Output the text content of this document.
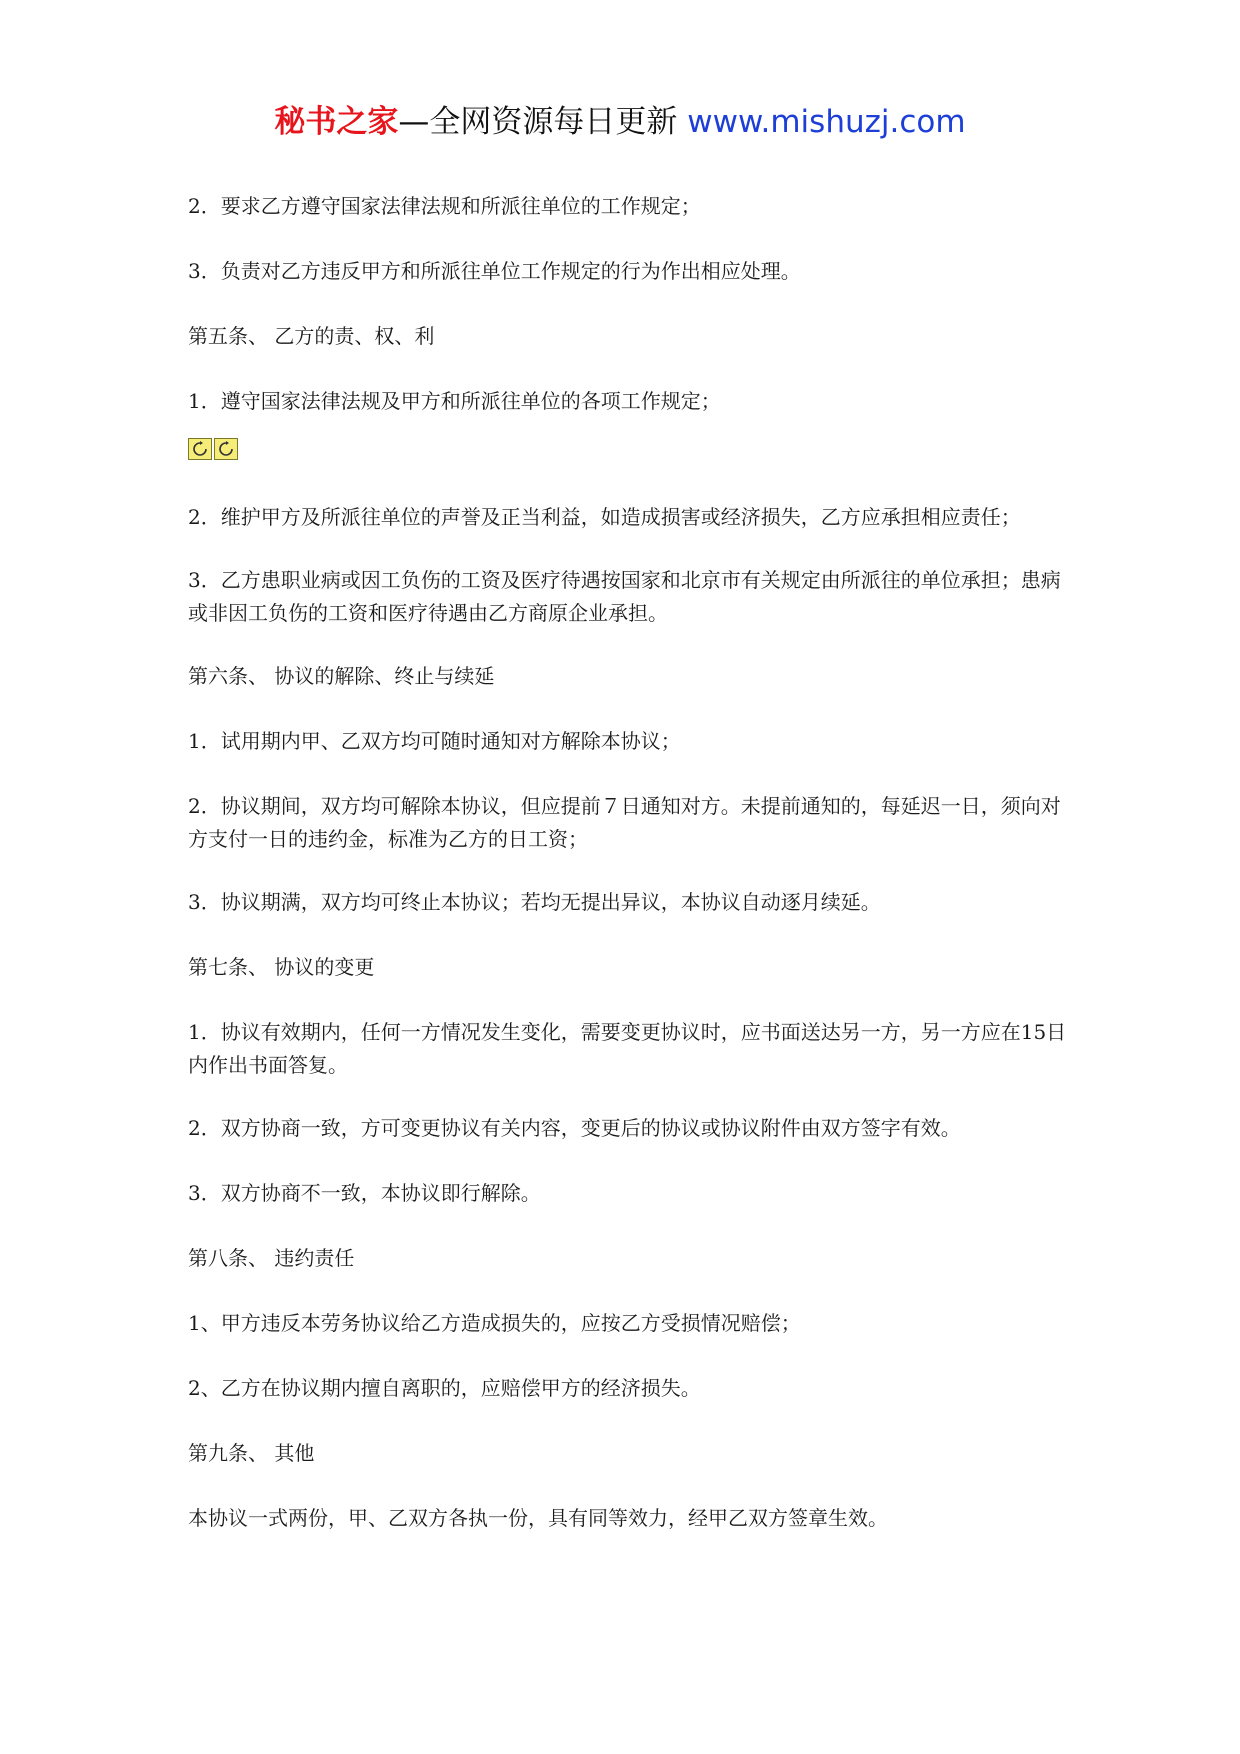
秘书之家—全网资源每日更新 www.mishuzj.com

2．要求乙方遵守国家法律法规和所派往单位的工作规定；

3．负责对乙方违反甲方和所派往单位工作规定的行为作出相应处理。

第五条、 乙方的责、权、利

1．遵守国家法律法规及甲方和所派往单位的各项工作规定；

2．维护甲方及所派往单位的声誉及正当利益，如造成损害或经济损失，乙方应承担相应责任；

3．乙方患职业病或因工负伤的工资及医疗待遇按国家和北京市有关规定由所派往的单位承担；患病或非因工负伤的工资和医疗待遇由乙方商原企业承担。

第六条、 协议的解除、终止与续延

1．试用期内甲、乙双方均可随时通知对方解除本协议；

2．协议期间，双方均可解除本协议，但应提前７日通知对方。未提前通知的，每延迟一日，须向对方支付一日的违约金，标准为乙方的日工资；

3．协议期满，双方均可终止本协议；若均无提出异议，本协议自动逐月续延。

第七条、 协议的变更

1．协议有效期内，任何一方情况发生变化，需要变更协议时，应书面送达另一方，另一方应在15日内作出书面答复。

2．双方协商一致，方可变更协议有关内容，变更后的协议或协议附件由双方签字有效。

3．双方协商不一致，本协议即行解除。

第八条、 违约责任

1、甲方违反本劳务协议给乙方造成损失的，应按乙方受损情况赔偿；

2、乙方在协议期内擅自离职的，应赔偿甲方的经济损失。

第九条、 其他

本协议一式两份，甲、乙双方各执一份，具有同等效力，经甲乙双方签章生效。
